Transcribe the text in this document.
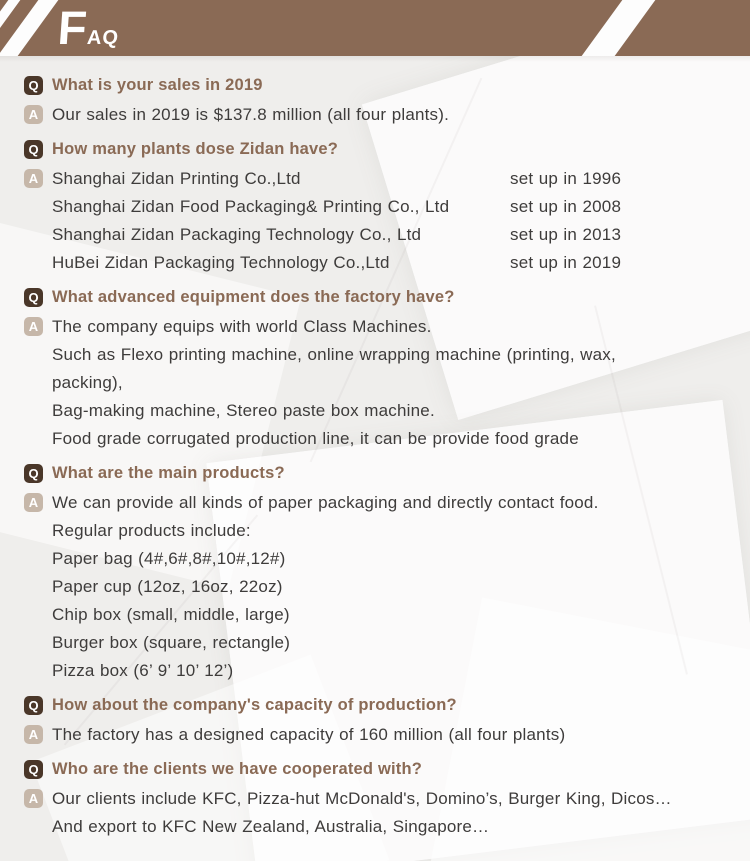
FAQ
Q What is your sales in 2019
A Our sales in 2019 is $137.8 million (all four plants).
Q How many plants dose Zidan have?
A Shanghai Zidan Printing Co.,Ltd	set up in 1996
Shanghai Zidan Food Packaging& Printing Co., Ltd	set up in 2008
Shanghai Zidan Packaging Technology Co., Ltd	set up in 2013
HuBei Zidan Packaging Technology Co.,Ltd	set up in 2019
Q What advanced equipment does the factory have?
A The company equips with world Class Machines.
Such as Flexo printing machine, online wrapping machine (printing, wax,
packing),
Bag-making machine, Stereo paste box machine.
Food grade corrugated production line, it can be provide food grade
Q What are the main products?
A We can provide all kinds of paper packaging and directly contact food.
Regular products include:
Paper bag (4#,6#,8#,10#,12#)
Paper cup (12oz, 16oz, 22oz)
Chip box (small, middle, large)
Burger box (square, rectangle)
Pizza box (6’ 9’ 10’ 12’)
Q How about the company's capacity of production?
A The factory has a designed capacity of 160 million (all four plants)
Q Who are the clients we have cooperated with?
A Our clients include KFC, Pizza-hut McDonald's, Domino’s, Burger King, Dicos…
And export to KFC New Zealand, Australia, Singapore…
